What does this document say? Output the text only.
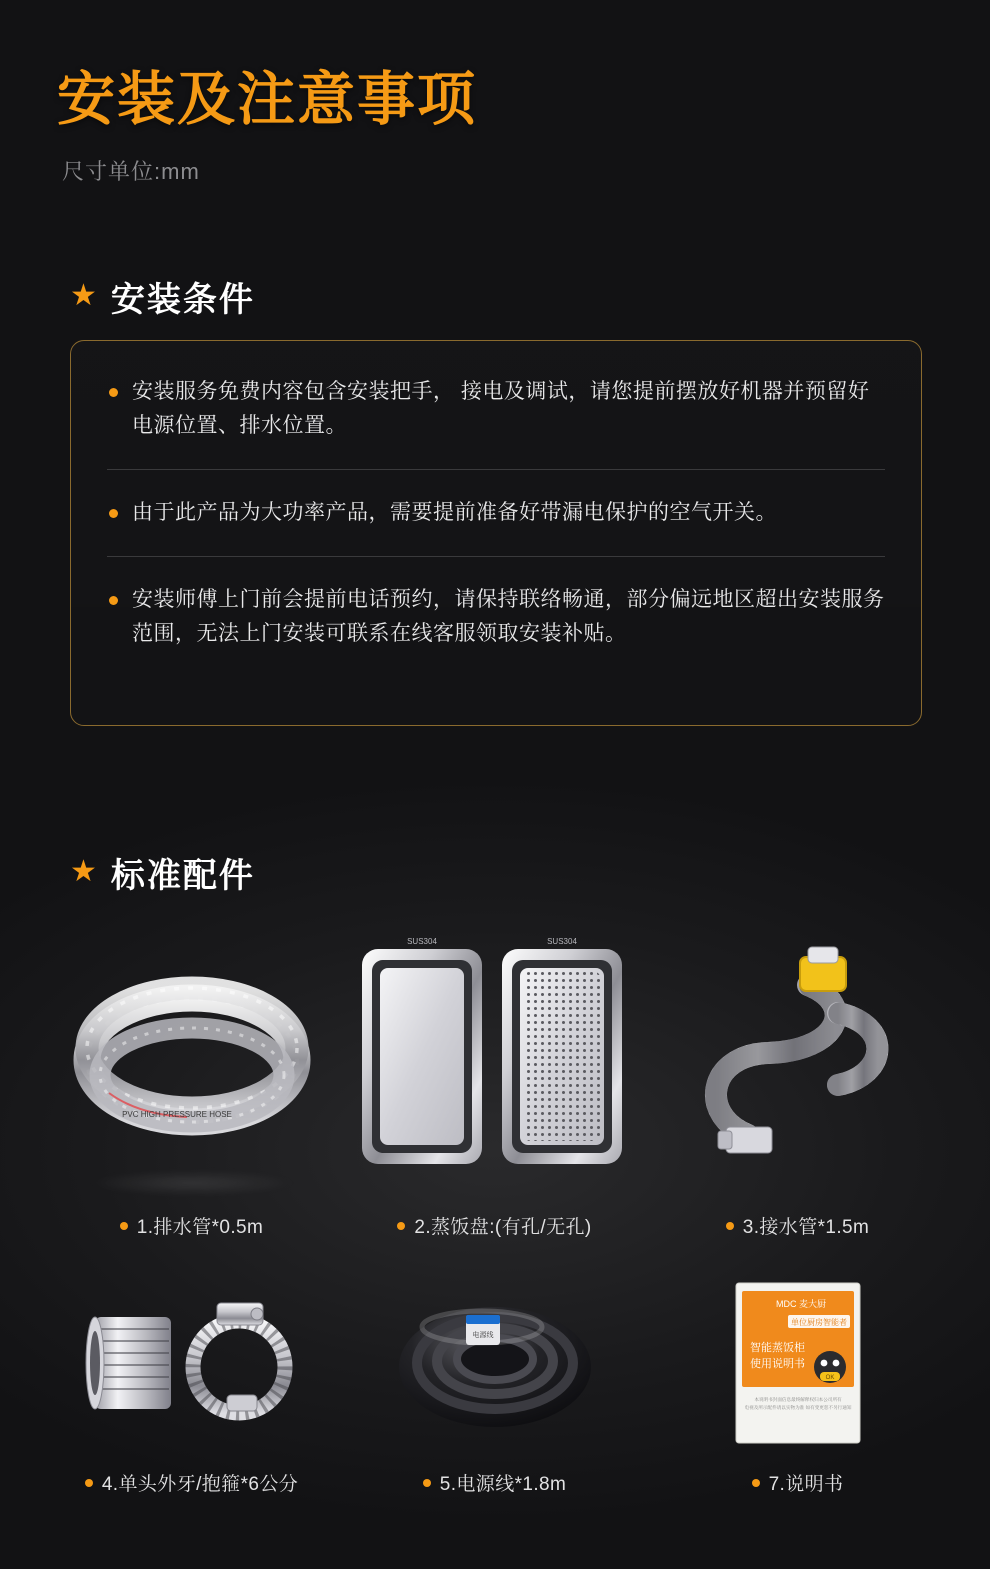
安装及注意事项
尺寸单位:mm
★ 安装条件
安装服务免费内容包含安装把手， 接电及调试，请您提前摆放好机器并预留好电源位置、排水位置。
由于此产品为大功率产品，需要提前准备好带漏电保护的空气开关。
安装师傅上门前会提前电话预约，请保持联络畅通，部分偏远地区超出安装服务范围，无法上门安装可联系在线客服领取安装补贴。
★ 标准配件
PVC HIGH PRESSURE HOSE
1.排水管*0.5m
SUS304	SUS304
2.蒸饭盘:(有孔/无孔)	3.接水管*1.5m
4.单头外牙/抱箍*6公分
电源线
5.电源线*1.8m
MDC 麦大厨
单位厨房智能者
智能蒸饭柜
使用说明书
OK
本说明书封面信息最终解释权归本公司所有
电视及所示配件请以实物为准 如有变更恕不另行通知
7.说明书
